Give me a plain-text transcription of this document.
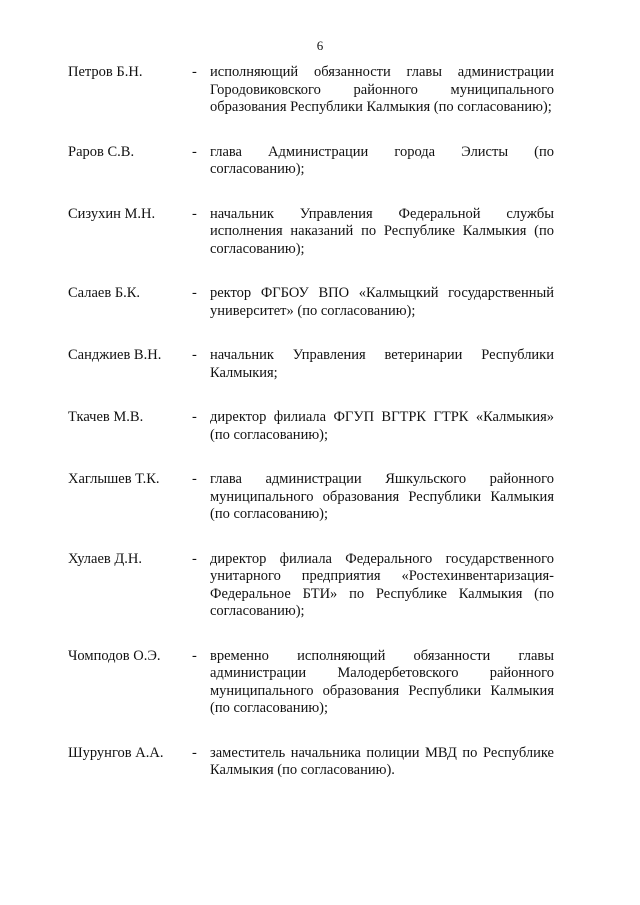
6
Петров Б.Н.	- исполняющий обязанности главы администрации Городовиковского районного муниципального образования Республики Калмыкия (по согласованию);
Раров С.В.	- глава Администрации города Элисты (по согласованию);
Сизухин М.Н.	- начальник Управления Федеральной службы исполнения наказаний по Республике Калмыкия (по согласованию);
Салаев Б.К.	- ректор ФГБОУ ВПО «Калмыцкий государственный университет» (по согласованию);
Санджиев В.Н.	- начальник Управления ветеринарии Республики Калмыкия;
Ткачев М.В.	- директор филиала ФГУП ВГТРК ГТРК «Калмыкия» (по согласованию);
Хаглышев Т.К.	- глава администрации Яшкульского районного муниципального образования Республики Калмыкия (по согласованию);
Хулаев Д.Н.	- директор филиала Федерального государственного унитарного предприятия «Ростехинвентаризация-Федеральное БТИ» по Республике Калмыкия (по согласованию);
Чомподов О.Э.	- временно исполняющий обязанности главы администрации Малодербетовского районного муниципального образования Республики Калмыкия (по согласованию);
Шурунгов А.А.	- заместитель начальника полиции МВД по Республике Калмыкия (по согласованию).
